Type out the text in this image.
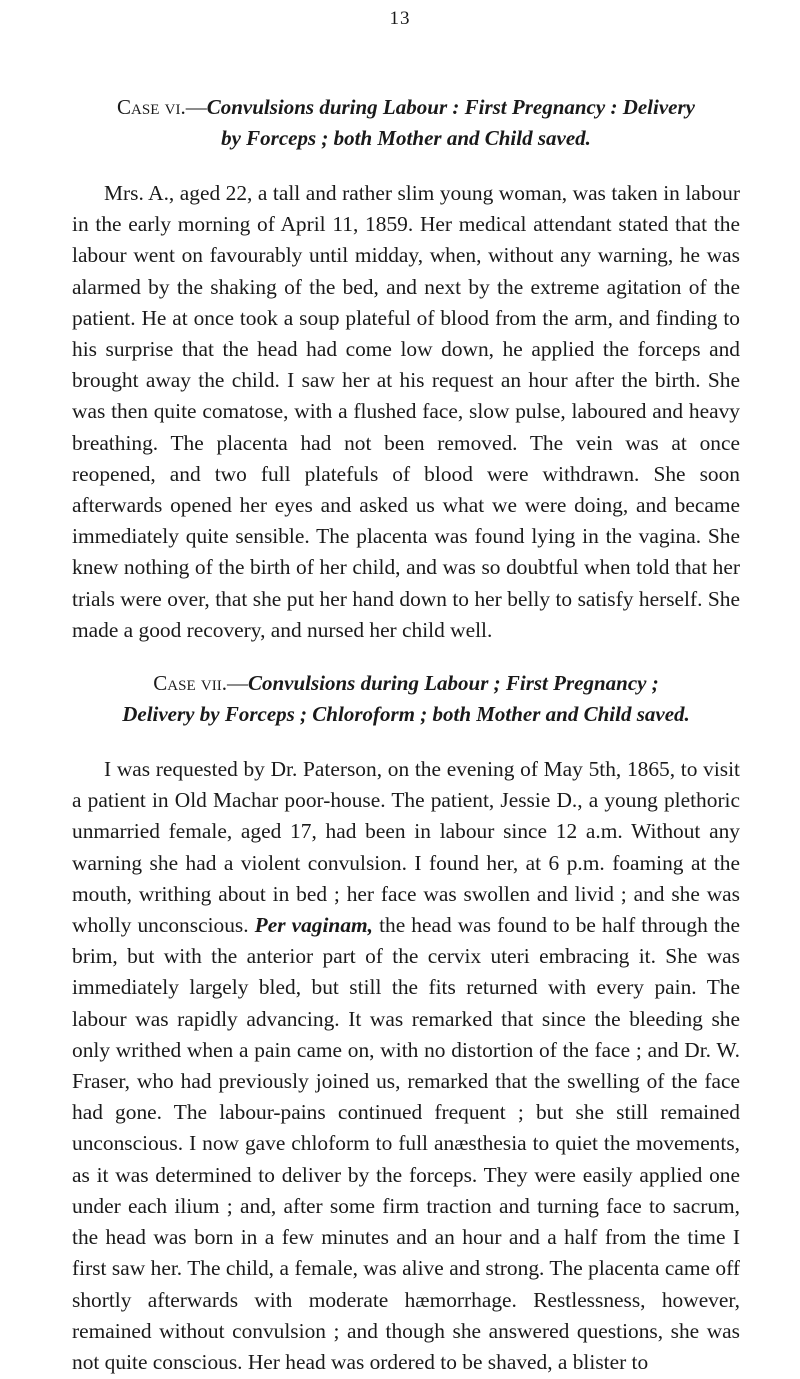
13
Case vi.—Convulsions during Labour : First Pregnancy : Delivery
by Forceps ; both Mother and Child saved.

Mrs. A., aged 22, a tall and rather slim young woman, was taken in labour in the early morning of April 11, 1859. Her medical attendant stated that the labour went on favourably until midday, when, without any warning, he was alarmed by the shaking of the bed, and next by the extreme agitation of the patient. He at once took a soup plateful of blood from the arm, and finding to his surprise that the head had come low down, he applied the forceps and brought away the child. I saw her at his request an hour after the birth. She was then quite comatose, with a flushed face, slow pulse, laboured and heavy breathing. The placenta had not been removed. The vein was at once reopened, and two full platefuls of blood were withdrawn. She soon afterwards opened her eyes and asked us what we were doing, and became immediately quite sensible. The placenta was found lying in the vagina. She knew nothing of the birth of her child, and was so doubtful when told that her trials were over, that she put her hand down to her belly to satisfy herself. She made a good recovery, and nursed her child well.

Case vii.—Convulsions during Labour ; First Pregnancy ;
Delivery by Forceps ; Chloroform ; both Mother and Child saved.

I was requested by Dr. Paterson, on the evening of May 5th, 1865, to visit a patient in Old Machar poor-house. The patient, Jessie D., a young plethoric unmarried female, aged 17, had been in labour since 12 a.m. Without any warning she had a violent convulsion. I found her, at 6 p.m. foaming at the mouth, writhing about in bed ; her face was swollen and livid ; and she was wholly unconscious. Per vaginam, the head was found to be half through the brim, but with the anterior part of the cervix uteri embracing it. She was immediately largely bled, but still the fits returned with every pain. The labour was rapidly advancing. It was remarked that since the bleeding she only writhed when a pain came on, with no distortion of the face ; and Dr. W. Fraser, who had previously joined us, remarked that the swelling of the face had gone. The labour-pains continued frequent ; but she still remained unconscious. I now gave chloform to full anæsthesia to quiet the movements, as it was determined to deliver by the forceps. They were easily applied one under each ilium ; and, after some firm traction and turning face to sacrum, the head was born in a few minutes and an hour and a half from the time I first saw her. The child, a female, was alive and strong. The placenta came off shortly afterwards with moderate hæmorrhage. Restlessness, however, remained without convulsion ; and though she answered questions, she was not quite conscious. Her head was ordered to be shaved, a blister to
